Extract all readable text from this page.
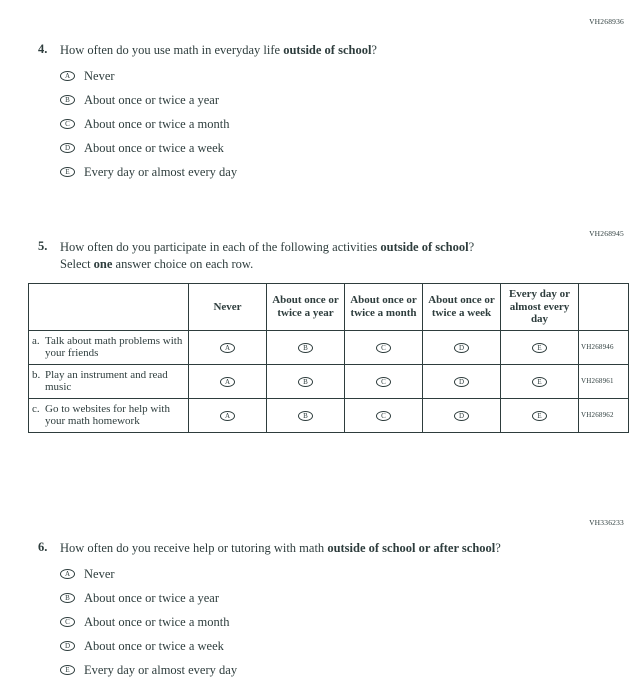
VH268936
VH268945
VH336233
4.	How often do you use math in everyday life outside of school?
A	Never
B	About once or twice a year
C	About once or twice a month
D	About once or twice a week
E	Every day or almost every day
5.	How often do you participate in each of the following activities outside of school? Select one answer choice on each row.
	Never	About once or twice a year	About once or twice a month	About once or twice a week	Every day or almost every day	

a. Talk about math problems with your friends	A	B	C	D	E	VH268946

b. Play an instrument and read music	A	B	C	D	E	VH268961

c. Go to websites for help with your math homework	A	B	C	D	E	VH268962
6.	How often do you receive help or tutoring with math outside of school or after school?
A	Never
B	About once or twice a year
C	About once or twice a month
D	About once or twice a week
E	Every day or almost every day
